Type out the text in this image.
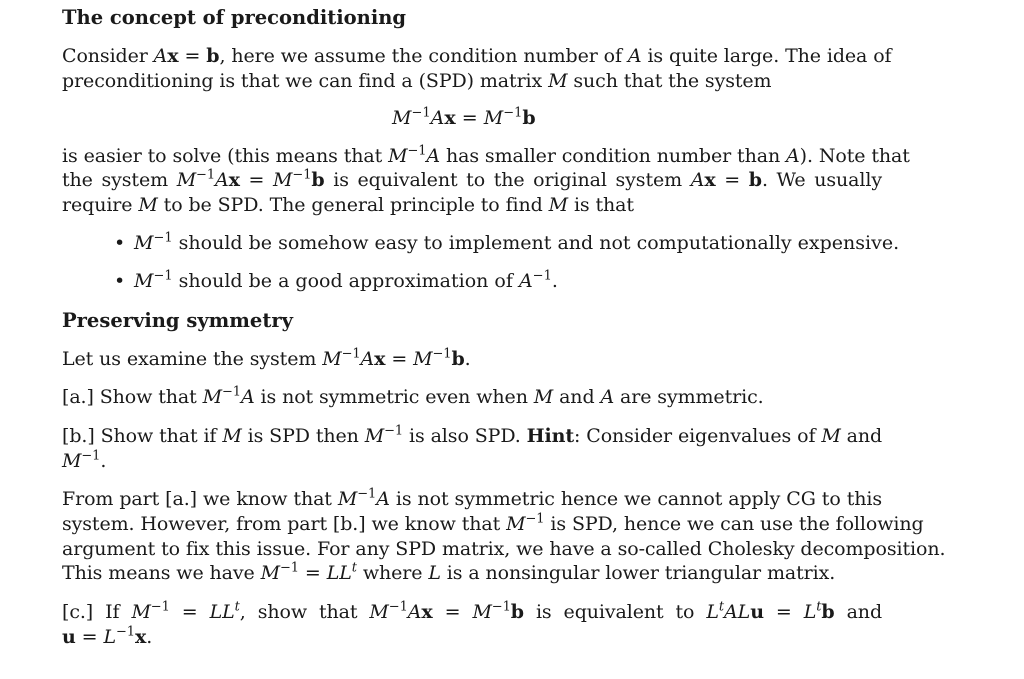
The concept of preconditioning
Consider Ax = b, here we assume the condition number of A is quite large. The idea of
preconditioning is that we can find a (SPD) matrix M such that the system
$M^{-1}Ax = M^{-1}b$
is easier to solve (this means that $M^{-1}A$ has smaller condition number than A). Note that
the system $M^{-1}Ax = M^{-1}b$ is equivalent to the original system Ax = b. We usually
require M to be SPD. The general principle to find M is that
• $M^{-1}$ should be somehow easy to implement and not computationally expensive.
• $M^{-1}$ should be a good approximation of $A^{-1}$.
Preserving symmetry
Let us examine the system $M^{-1}Ax = M^{-1}b$.
[a.] Show that $M^{-1}A$ is not symmetric even when M and A are symmetric.
[b.] Show that if M is SPD then $M^{-1}$ is also SPD. Hint: Consider eigenvalues of M and
$M^{-1}$.
From part [a.] we know that $M^{-1}A$ is not symmetric hence we cannot apply CG to this
system. However, from part [b.] we know that $M^{-1}$ is SPD, hence we can use the following
argument to fix this issue. For any SPD matrix, we have a so-called Cholesky decomposition.
This means we have $M^{-1} = LL^t$ where L is a nonsingular lower triangular matrix.
[c.] If $M^{-1} = LL^t$, show that $M^{-1}Ax = M^{-1}b$ is equivalent to $L^tALu = L^tb$ and
$u = L^{-1}x$.
